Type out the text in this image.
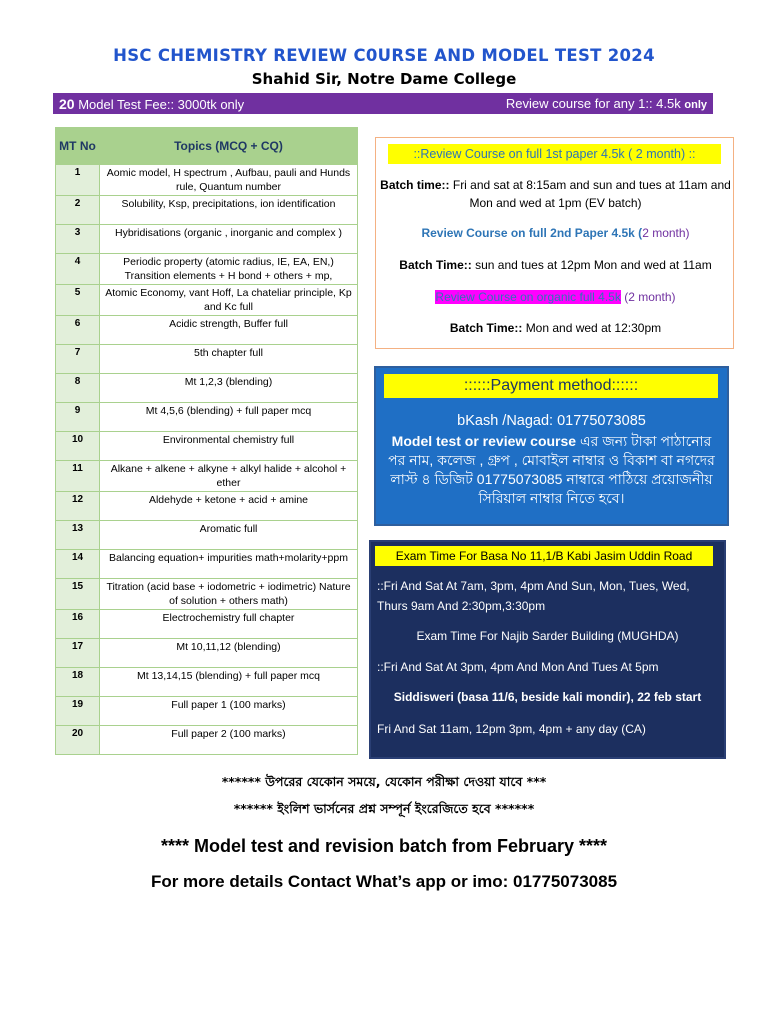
HSC CHEMISTRY REVIEW C0URSE AND MODEL TEST 2024
Shahid Sir, Notre Dame College
20 Model Test Fee:: 3000tk only	Review course for any 1:: 4.5k only
MT No	Topics (MCQ + CQ)
1	Aomic model, H spectrum , Aufbau, pauli and Hunds rule, Quantum number
2	Solubility, Ksp, precipitations, ion identification
3	Hybridisations (organic , inorganic and complex )
4	Periodic property (atomic radius, IE, EA, EN,) Transition elements + H bond + others + mp,
5	Atomic Economy, vant Hoff, La chateliar principle, Kp and Kc full
6	Acidic strength, Buffer full
7	5th chapter full
8	Mt 1,2,3 (blending)
9	Mt 4,5,6 (blending) + full paper mcq
10	Environmental chemistry full
11	Alkane + alkene + alkyne + alkyl halide + alcohol + ether
12	Aldehyde + ketone + acid + amine
13	Aromatic full
14	Balancing equation+ impurities math+molarity+ppm
15	Titration (acid base + iodometric + iodimetric) Nature of solution + others math)
16	Electrochemistry full chapter
17	Mt 10,11,12 (blending)
18	Mt 13,14,15 (blending) + full paper mcq
19	Full paper 1 (100 marks)
20	Full paper 2 (100 marks)
::Review Course on full 1st paper 4.5k ( 2 month) ::
Batch time:: Fri and sat at 8:15am and sun and tues at 11am and Mon and wed at 1pm (EV batch)
Review Course on full 2nd Paper 4.5k (2 month)
Batch Time:: sun and tues at 12pm Mon and wed at 11am
Review Course on organic full 4.5k (2 month)
Batch Time:: Mon and wed at 12:30pm
::::::Payment method::::::
bKash /Nagad: 01775073085
Model test or review course এর জন্য টাকা পাঠানোর পর নাম, কলেজ , গ্রুপ , মোবাইল নাম্বার ও বিকাশ বা নগদের লাস্ট ৪ ডিজিট 01775073085 নাম্বারে পাঠিয়ে প্রয়োজনীয় সিরিয়াল নাম্বার নিতে হবে।
Exam Time For Basa No 11,1/B Kabi Jasim Uddin Road
::Fri And Sat At 7am, 3pm, 4pm And Sun, Mon, Tues, Wed, Thurs 9am And 2:30pm,3:30pm
Exam Time For Najib Sarder Building (MUGHDA)
::Fri And Sat At 3pm, 4pm And Mon And Tues At 5pm
Siddisweri (basa 11/6, beside kali mondir), 22 feb start
Fri And Sat 11am, 12pm 3pm, 4pm + any day (CA)
****** উপরের যেকোন সময়ে, যেকোন পরীক্ষা দেওয়া যাবে ***
****** ইংলিশ ভার্সনের প্রশ্ন সম্পূর্ন ইংরেজিতে হবে ******
**** Model test and revision batch from February ****
For more details Contact What’s app or imo: 01775073085
